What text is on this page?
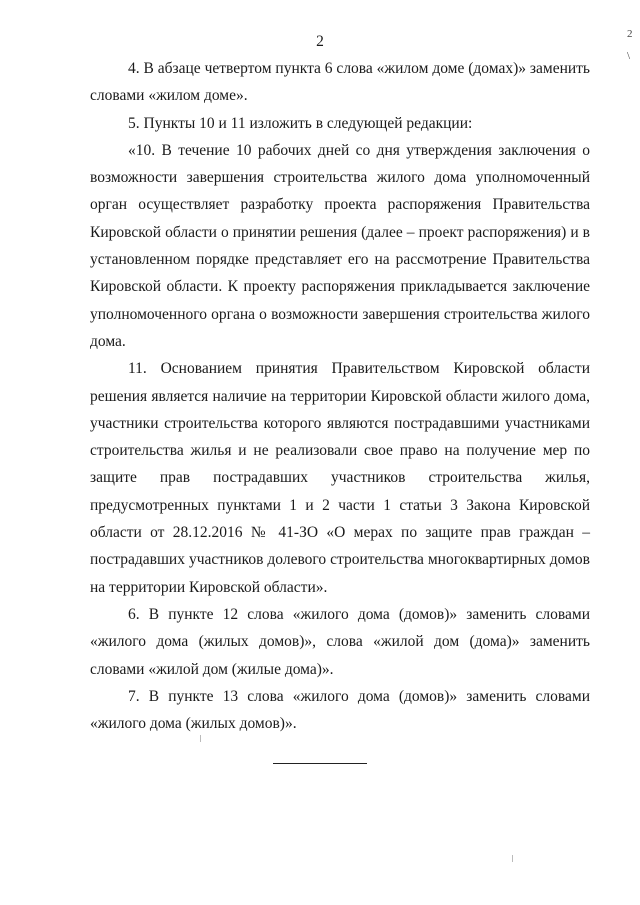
2

4. В абзаце четвертом пункта 6 слова «жилом доме (домах)» заменить словами «жилом доме».

5. Пункты 10 и 11 изложить в следующей редакции:

«10. В течение 10 рабочих дней со дня утверждения заключения о возможности завершения строительства жилого дома уполномоченный орган осуществляет разработку проекта распоряжения Правительства Кировской области о принятии решения (далее – проект распоряжения) и в установленном порядке представляет его на рассмотрение Правительства Кировской области. К проекту распоряжения прикладывается заключение уполномоченного органа о возможности завершения строительства жилого дома.

11. Основанием принятия Правительством Кировской области решения является наличие на территории Кировской области жилого дома, участники строительства которого являются пострадавшими участниками строительства жилья и не реализовали свое право на получение мер по защите прав пострадавших участников строительства жилья, предусмотренных пунктами 1 и 2 части 1 статьи 3 Закона Кировской области от 28.12.2016 № 41-ЗО «О мерах по защите прав граждан – пострадавших участников долевого строительства многоквартирных домов на территории Кировской области».

6. В пункте 12 слова «жилого дома (домов)» заменить словами «жилого дома (жилых домов)», слова «жилой дом (дома)» заменить словами «жилой дом (жилые дома)».

7. В пункте 13 слова «жилого дома (домов)» заменить словами «жилого дома (жилых домов)».

2
\
